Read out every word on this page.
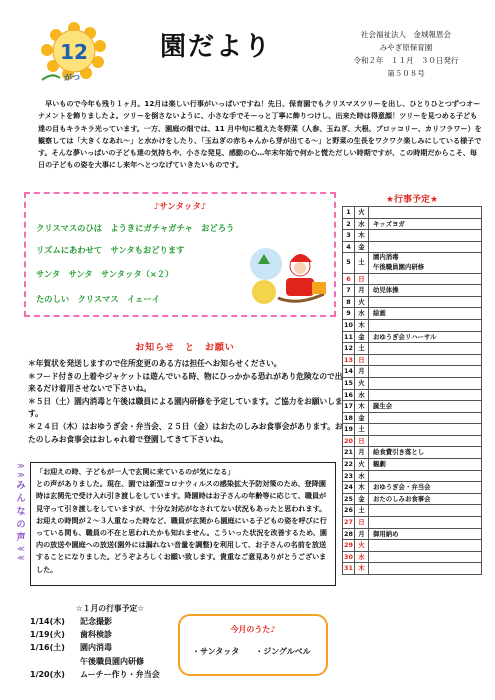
12
がつ
園だより	社会福祉法人　金城報恩会
みやぎ原保育園
令和２年　１１月　３０日発行
第５０８号
　早いもので今年も残り１ヶ月。12月は楽しい行事がいっぱいですね！先日、保育園でもクリスマスツリーを出し、ひとりひとつずつオーナメントを飾りましたよ。ツリーを倒さないように、小さな手でそーっと丁寧に飾りつけし、出来た時は得意顔！ツリーを見つめる子ども達の目もキラキラ光っています。一方、園庭の畑では、11 月中旬に植えた冬野菜（人参、玉ねぎ、大根、ブロッコリー、カリフラワー）を観察しては「大きくなあれ～」と水かけをしたり、「玉ねぎの赤ちゃんから芽が出てる～」と野菜の生長をワクワク楽しみにしている様子です。そんな夢いっぱいの子ども達の気持ちや、小さな発見、感動の心…年末年始で何かと慌ただしい時期ですが、この時期だからこそ、毎日の子どもの姿を大事にし来年へとつなげていきたいものです。
♪サンタッタ♪
クリスマスのひは　ようきにガチャガチャ　おどろう
リズムにあわせて　サンタもおどります
サンタ　サンタ　サンタッタ（×２）
たのしい　クリスマス　イェーイ
お知らせ　と　お願い

＊年賀状を発送しますので住所変更のある方は担任へお知らせください。

＊フード付きの上着やジャケットは遊んでいる時、物にひっかかる恐れがあり危険なので出来るだけ着用させないで下さいね。

＊５日（土）園内消毒と午後は職員による園内研修を予定しています。ご協力をお願いします。

＊２４日（木）はおゆうぎ会・弁当会、２５日（金）はおたのしみお食事会があります。おたのしみお食事会はおしゃれ着で登園してきて下さいね。

≫
≫
み
ん
な
の
声
≪
≪
「お迎えの時、子どもが一人で玄関に来ているのが気になる」
との声がありました。現在、園では新型コロナウィルスの感染拡大予防対策のため、登降園時は玄関先で受け入れ引き渡しをしています。降園時はお子さんの年齢等に応じて、職員が見守って引き渡しをしていますが、十分な対応がなされてない状況もあったと思われます。お迎えの時間が２～３人重なった時など、職員が玄関から園庭にいる子どもの姿を呼びに行っている間も、職員の不在と思われたかも知れません。こういった状況を改善するため、園内の放送や園庭への放送(園外には漏れない音量を調整)を利用して、お子さんの名前を放送することになりました。どうぞよろしくお願い致します。貴重なご意見ありがとうございました。
☆１月の行事予定☆
1/14(木) 記念撮影
1/19(火) 歯科検診
1/16(土) 園内消毒
午後職員園内研修
1/20(水) ムーチー作り・弁当会
今月のうた♪
・サンタッタ　　・ジングルベル
★行事予定★
1	火	
2	水	キッズヨガ
3	木	
4	金	
5	土	園内消毒
午後職員園内研修
6	日	
7	月	幼児体操
8	火	
9	水	絵画
10	木	
11	金	おゆうぎ会リハーサル
12	土	
13	日	
14	月	
15	火	
16	水	
17	木	誕生会
18	金	
19	土	
20	日	
21	月	給食費引き落とし
22	火	観劇
23	水	
24	木	おゆうぎ会・弁当会
25	金	おたのしみお食事会
26	土	
27	日	
28	月	御用納め
29	火	
30	水	
31	木	
